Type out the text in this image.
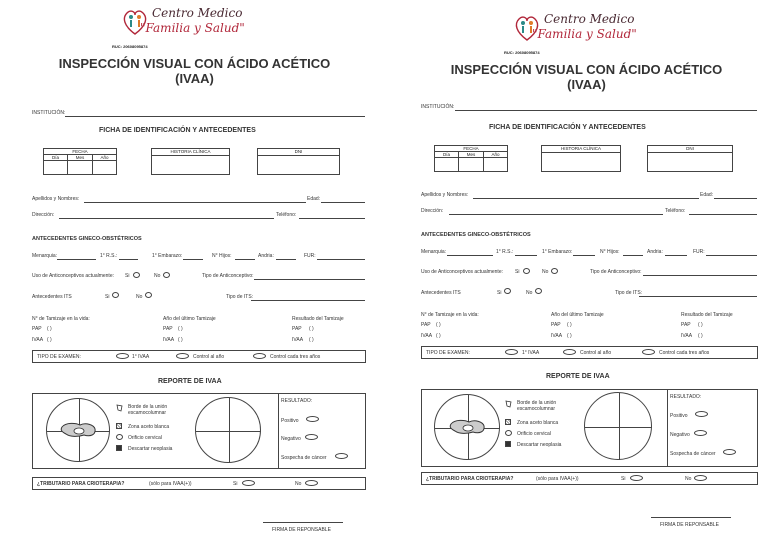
Centro Medico
"Familia y Salud"
RUC: 20608095874
INSPECCIÓN VISUAL CON ÁCIDO ACÉTICO
(IVAA)
INSTITUCIÓN:
FICHA DE IDENTIFICACIÓN Y ANTECEDENTES
FECHA
Día	Mes	Año
HISTORIA CLÍNICA	DNI
Apellidos y Nombres:	Edad:
Dirección:	Teléfono:
ANTECEDENTES GINECO-OBSTÉTRICOS
Menarquia:	1° R.S.:	1° Embarazo:	N° Hijos:	Andria:	FUR:
Uso de Anticonceptivos actualmente: Si	No	Tipo de Anticonceptivo:
Antecedentes ITS	Si	No	Tipo de ITS:
N° de Tamizaje en la vida:	Año del último Tamizaje	Resultado del Tamizaje
PAP ( )	PAP ( )	PAP ( )
IVAA ( )	IVAA ( )	IVAA ( )
TIPO DE EXAMEN:	1° IVAA	Control al año	Control cada tres años
REPORTE DE IVAA
Borde de la unión
escamocolumnar
Zona aceto blanca
Orificio cervical
Descartar neoplasia
RESULTADO:
Positivo
Negativo
Sospecha de cáncer
¿TRIBUTARIO PARA CRIOTERAPIA?	(sólo para IVAA(+))	Si	No
FIRMA DE REPONSABLE
Centro Medico
"Familia y Salud"
RUC: 20608095874
INSPECCIÓN VISUAL CON ÁCIDO ACÉTICO
(IVAA)
INSTITUCIÓN:
FICHA DE IDENTIFICACIÓN Y ANTECEDENTES
FECHA
Día	Mes	Año
HISTORIA CLÍNICA	DNI
Apellidos y Nombres:	Edad:
Dirección:	Teléfono:
ANTECEDENTES GINECO-OBSTÉTRICOS
Menarquia:	1° R.S.:	1° Embarazo:	N° Hijos:	Andria:	FUR:
Uso de Anticonceptivos actualmente: Si	No	Tipo de Anticonceptivo:
Antecedentes ITS	Si	No	Tipo de ITS:
N° de Tamizaje en la vida:	Año del último Tamizaje	Resultado del Tamizaje
PAP ( )	PAP ( )	PAP ( )
IVAA ( )	IVAA ( )	IVAA ( )
TIPO DE EXAMEN:	1° IVAA	Control al año	Control cada tres años
REPORTE DE IVAA
Borde de la unión
escamocolumnar
Zona aceto blanca
Orificio cervical
Descartar neoplasia
RESULTADO:
Positivo
Negativo
Sospecha de cáncer
¿TRIBUTARIO PARA CRIOTERAPIA?	(sólo para IVAA(+))	Si	No
FIRMA DE REPONSABLE
